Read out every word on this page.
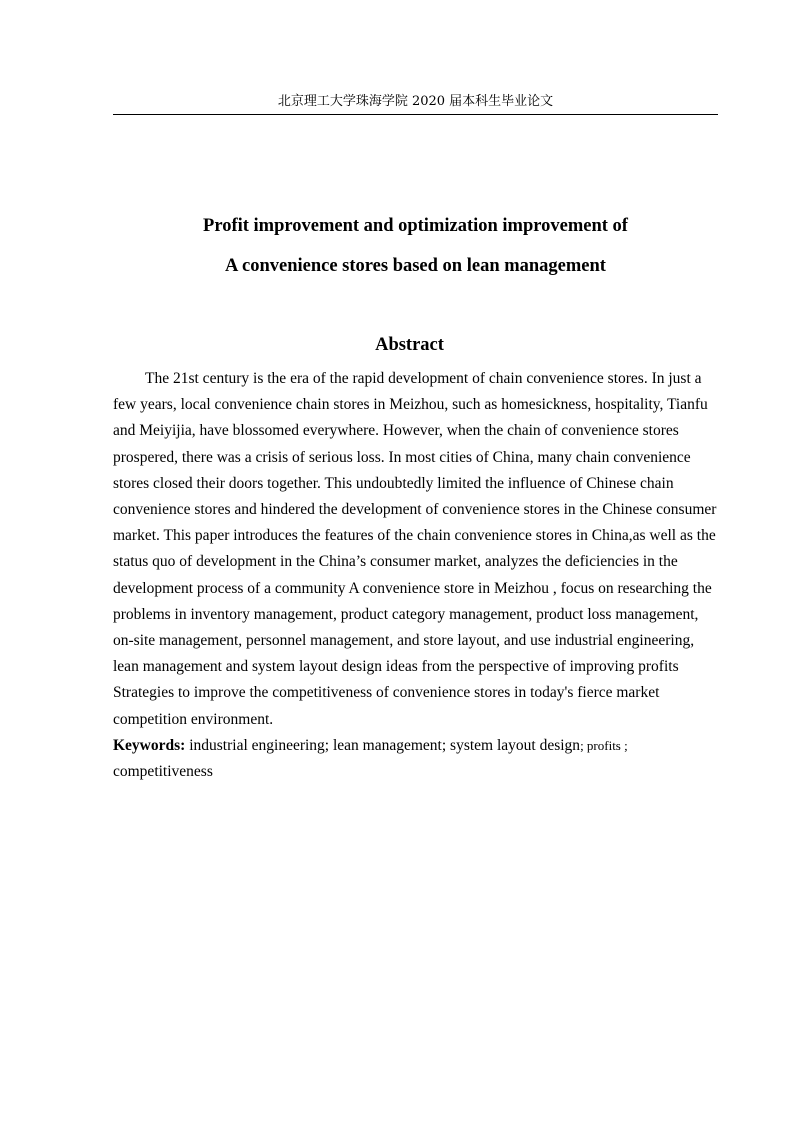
北京理工大学珠海学院 2020 届本科生毕业论文
Profit improvement and optimization improvement of
A convenience stores based on lean management
Abstract

The 21st century is the era of the rapid development of chain convenience stores. In just a few years, local convenience chain stores in Meizhou, such as homesickness, hospitality, Tianfu and Meiyijia, have blossomed everywhere. However, when the chain of convenience stores prospered, there was a crisis of serious loss. In most cities of China, many chain convenience stores closed their doors together. This undoubtedly limited the influence of Chinese chain convenience stores and hindered the development of convenience stores in the Chinese consumer market. This paper introduces the features of the chain convenience stores in China,as well as the status quo of development in the China’s consumer market, analyzes the deficiencies in the development process of a community A convenience store in Meizhou , focus on researching the problems in inventory management, product category management, product loss management, on-site management, personnel management, and store layout, and use industrial engineering, lean management and system layout design ideas from the perspective of improving profits Strategies to improve the competitiveness of convenience stores in today's fierce market competition environment.

Keywords: industrial engineering; lean management; system layout design; profits ;
competitiveness
